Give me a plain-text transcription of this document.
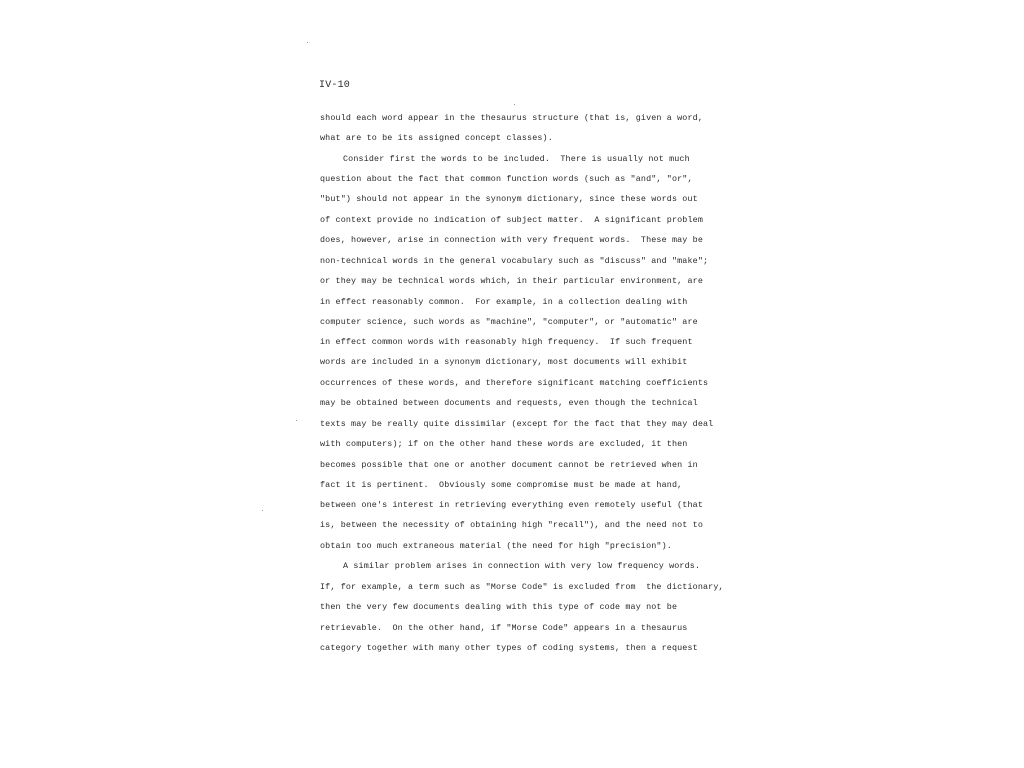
IV-10
should each word appear in the thesaurus structure (that is, given a word,
what are to be its assigned concept classes).
Consider first the words to be included.  There is usually not much
question about the fact that common function words (such as "and", "or",
"but") should not appear in the synonym dictionary, since these words out
of context provide no indication of subject matter.  A significant problem
does, however, arise in connection with very frequent words.  These may be
non-technical words in the general vocabulary such as "discuss" and "make";
or they may be technical words which, in their particular environment, are
in effect reasonably common.  For example, in a collection dealing with
computer science, such words as "machine", "computer", or "automatic" are
in effect common words with reasonably high frequency.  If such frequent
words are included in a synonym dictionary, most documents will exhibit
occurrences of these words, and therefore significant matching coefficients
may be obtained between documents and requests, even though the technical
texts may be really quite dissimilar (except for the fact that they may deal
with computers); if on the other hand these words are excluded, it then
becomes possible that one or another document cannot be retrieved when in
fact it is pertinent.  Obviously some compromise must be made at hand,
between one's interest in retrieving everything even remotely useful (that
is, between the necessity of obtaining high "recall"), and the need not to
obtain too much extraneous material (the need for high "precision").
A similar problem arises in connection with very low frequency words.
If, for example, a term such as "Morse Code" is excluded from  the dictionary,
then the very few documents dealing with this type of code may not be
retrievable.  On the other hand, if "Morse Code" appears in a thesaurus
category together with many other types of coding systems, then a request
